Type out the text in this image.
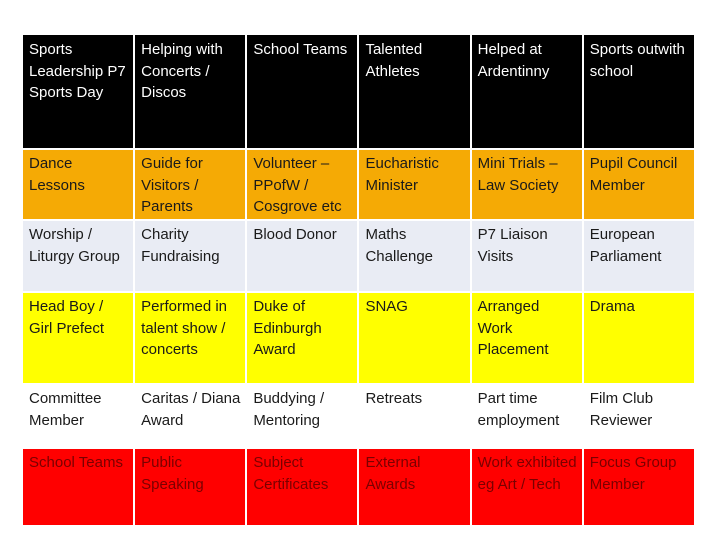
Sports Leadership P7 Sports Day	Helping with Concerts / Discos	School Teams	Talented Athletes	Helped at Ardentinny	Sports outwith school
Dance Lessons	Guide for Visitors / Parents	Volunteer – PPofW / Cosgrove etc	Eucharistic Minister	Mini Trials – Law Society	Pupil Council Member
Worship / Liturgy Group	Charity Fundraising	Blood Donor	Maths Challenge	P7 Liaison Visits	European Parliament
Head Boy / Girl Prefect	Performed in talent show / concerts	Duke of Edinburgh Award	SNAG	Arranged Work Placement	Drama
Committee Member	Caritas / Diana Award	Buddying / Mentoring	Retreats	Part time employment	Film Club Reviewer
School Teams	Public Speaking	Subject Certificates	External Awards	Work exhibited eg Art / Tech	Focus Group Member
